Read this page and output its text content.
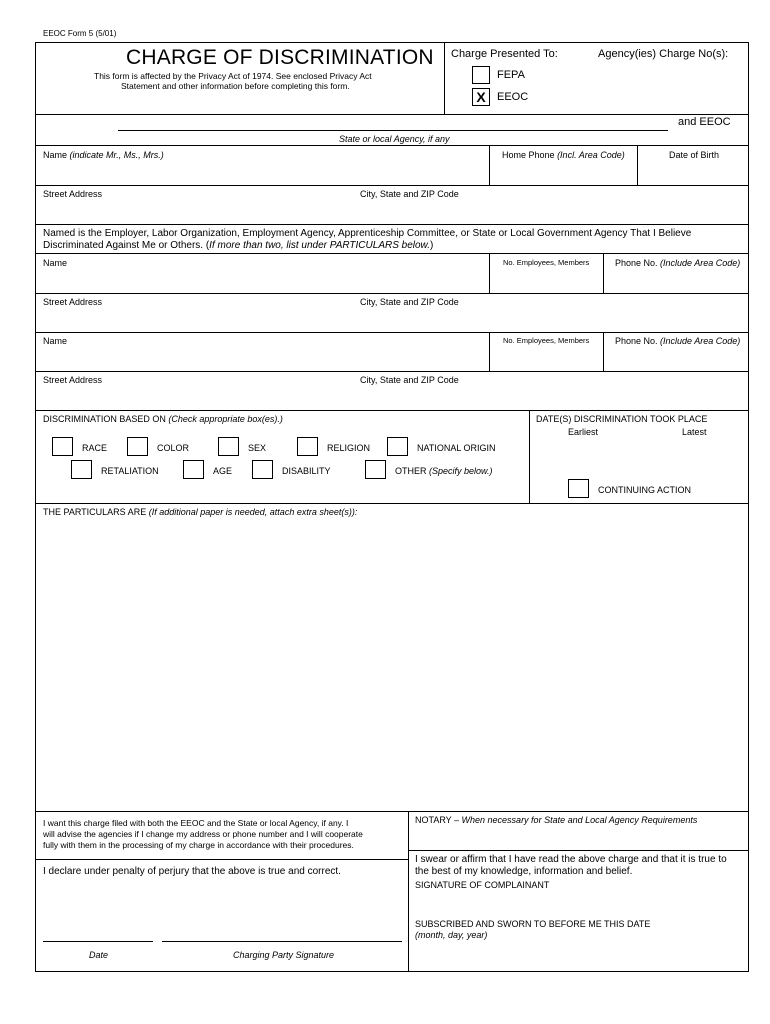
EEOC Form 5 (5/01)
CHARGE OF DISCRIMINATION
This form is affected by the Privacy Act of 1974. See enclosed Privacy Act
Statement and other information before completing this form.
Charge Presented To:	Agency(ies) Charge No(s):
FEPA
X	EEOC
and EEOC
State or local Agency, if any
Name (indicate Mr., Ms., Mrs.)	Home Phone (Incl. Area Code)	Date of Birth
Street Address	City, State and ZIP Code
Named is the Employer, Labor Organization, Employment Agency, Apprenticeship Committee, or State or Local Government Agency That I Believe
Discriminated Against Me or Others. (If more than two, list under PARTICULARS below.)
Name	No. Employees, Members	Phone No. (Include Area Code)
Street Address	City, State and ZIP Code
Name	No. Employees, Members	Phone No. (Include Area Code)
Street Address	City, State and ZIP Code
DISCRIMINATION BASED ON (Check appropriate box(es).)
RACE	COLOR	SEX	RELIGION	NATIONAL ORIGIN
RETALIATION	AGE	DISABILITY	OTHER (Specify below.)
DATE(S) DISCRIMINATION TOOK PLACE
Earliest	Latest
CONTINUING ACTION
THE PARTICULARS ARE (If additional paper is needed, attach extra sheet(s)):
I want this charge filed with both the EEOC and the State or local Agency, if any. I
will advise the agencies if I change my address or phone number and I will cooperate
fully with them in the processing of my charge in accordance with their procedures.
I declare under penalty of perjury that the above is true and correct.
Date	Charging Party Signature
NOTARY – When necessary for State and Local Agency Requirements
I swear or affirm that I have read the above charge and that it is true to
the best of my knowledge, information and belief.
SIGNATURE OF COMPLAINANT
SUBSCRIBED AND SWORN TO BEFORE ME THIS DATE
(month, day, year)
